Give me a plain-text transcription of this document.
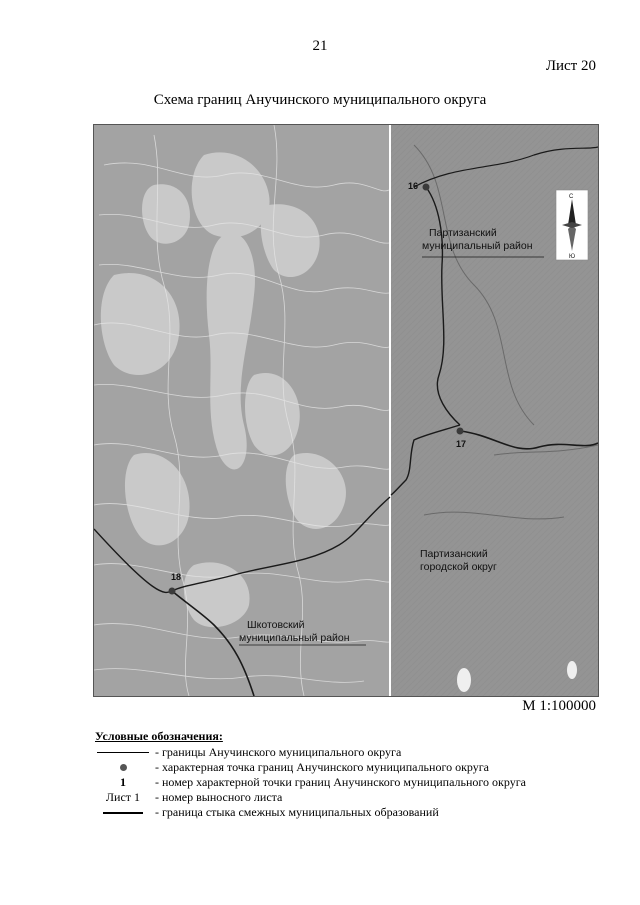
21
Лист 20
Схема границ Анучинского муниципального округа
16
17
18
Партизанский
муниципальный район
Партизанский
городской округ
Шкотовский
муниципальный район
С
Ю
М 1:100000
Условные обозначения:
- границы Анучинского муниципального округа
- характерная точка границ Анучинского муниципального округа
1	- номер характерной точки границ Анучинского муниципального округа
Лист 1	- номер выносного листа
- граница стыка смежных муниципальных образований
